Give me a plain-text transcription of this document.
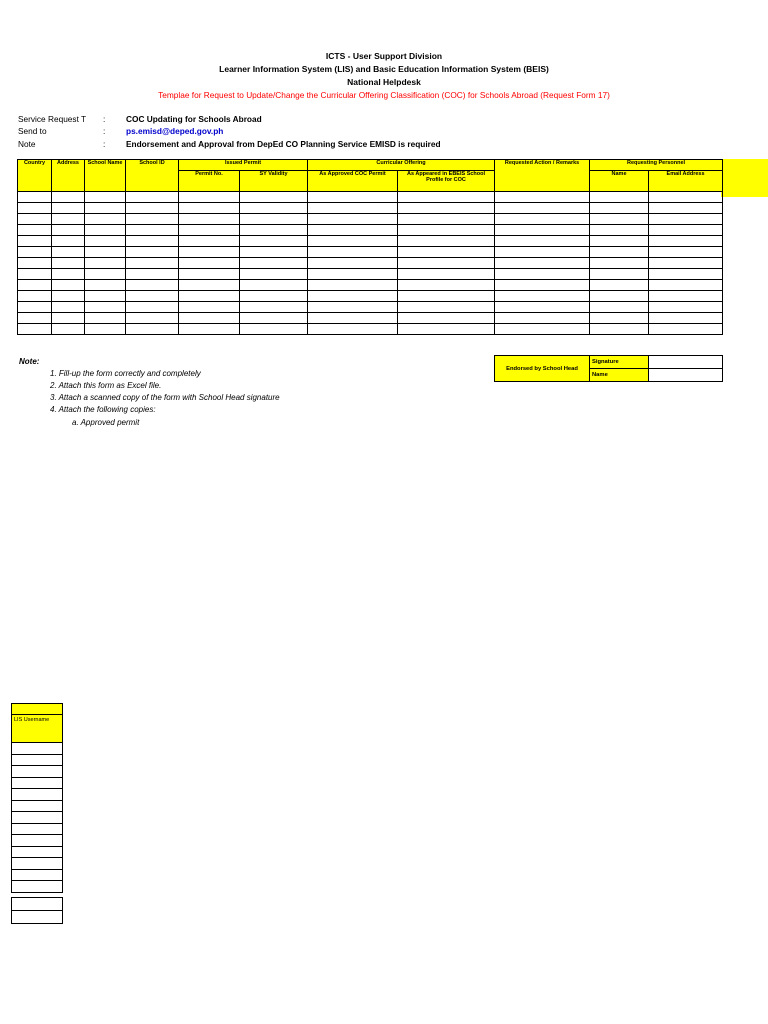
ICTS - User Support Division
Learner Information System (LIS) and Basic Education Information System (BEIS)
National Helpdesk
Templae for Request to Update/Change the Curricular Offering Classification (COC) for Schools Abroad (Request Form 17)
Service Request T	: COC Updating for Schools Abroad
Send to	: ps.emisd@deped.gov.ph
Note	: Endorsement and Approval from DepEd CO Planning Service EMISD is required
Country	Address	School Name	School ID	Issued Permit		Curricular Offering		Requested Action / Remarks	Requesting Personnel	
				Permit No.	SY Validity	As Approved COC Permit	As Appeared in EBEIS School Profile for COC		Name	Email Address

Note:
1. Fill-up the form correctly and completely
2. Attach this form as Excel file.
3. Attach a scanned copy of the form with School Head signature
4. Attach the following copies:
a. Approved permit
Endorsed by School Head	Signature	
	Name	

LIS Username
